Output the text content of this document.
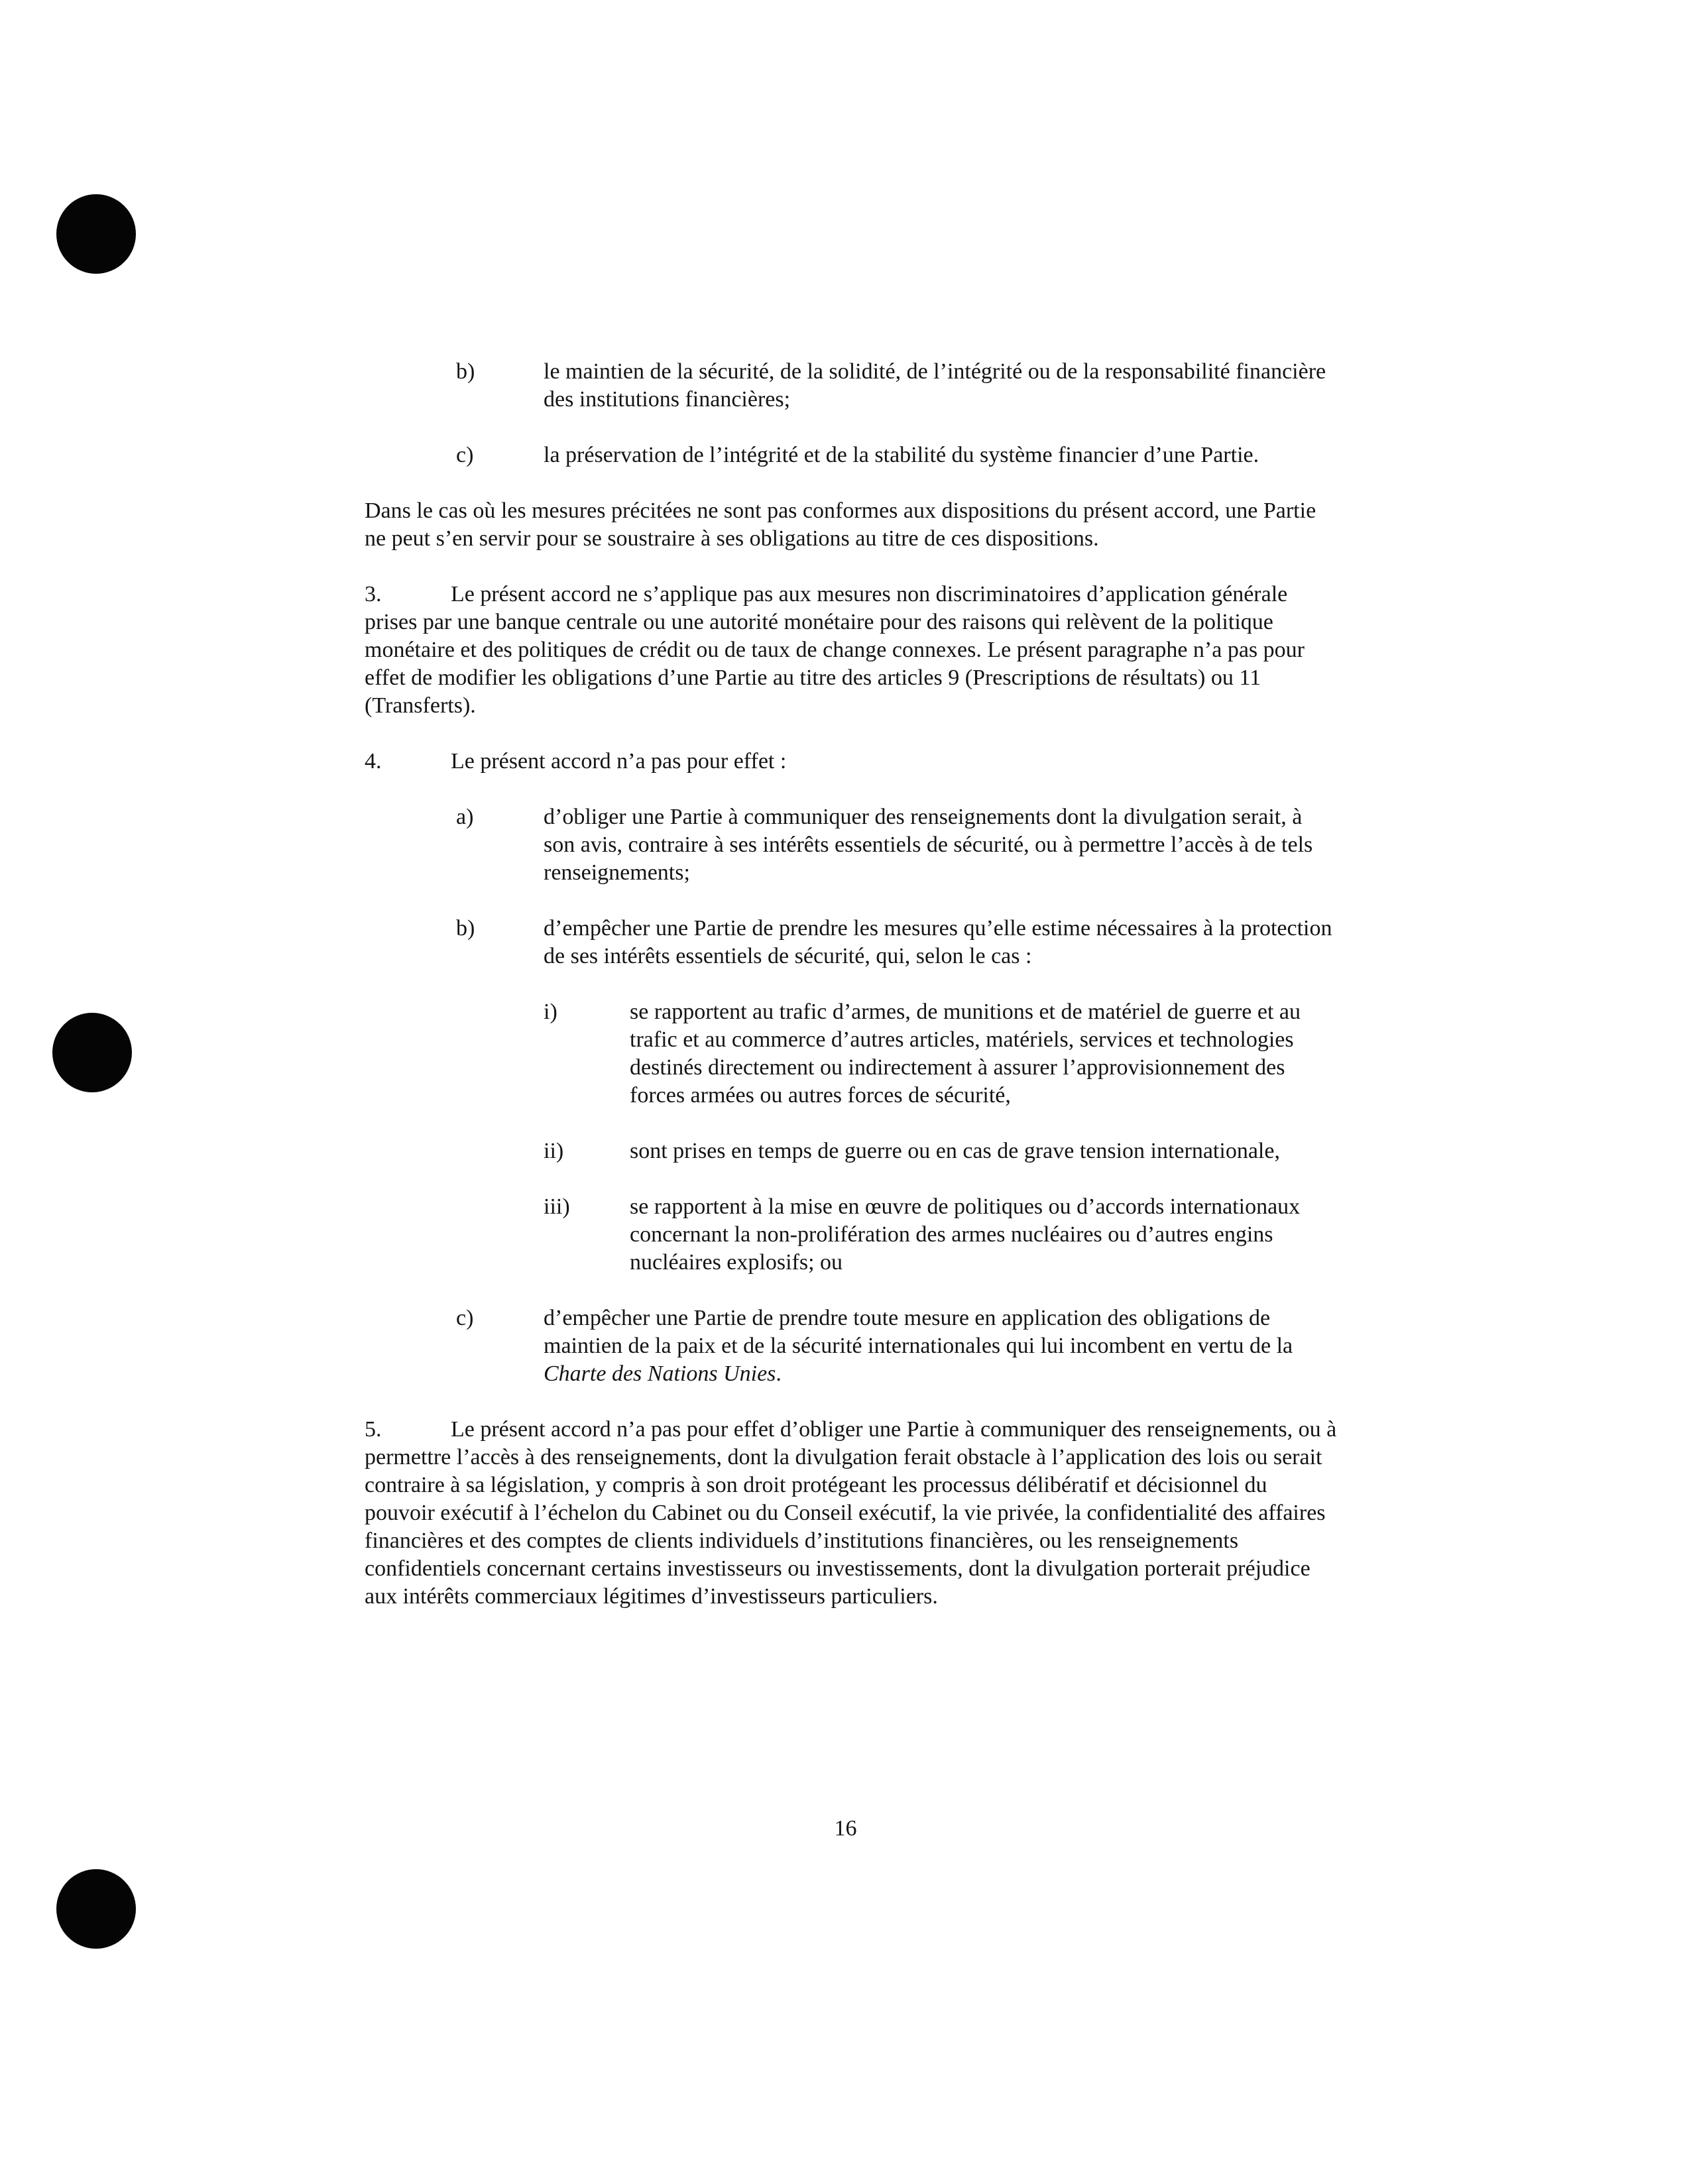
b)	le maintien de la sécurité, de la solidité, de l’intégrité ou de la responsabilité financière des institutions financières;
c)	la préservation de l’intégrité et de la stabilité du système financier d’une Partie.

Dans le cas où les mesures précitées ne sont pas conformes aux dispositions du présent accord, une Partie ne peut s’en servir pour se soustraire à ses obligations au titre de ces dispositions.

3.	Le présent accord ne s’applique pas aux mesures non discriminatoires d’application générale prises par une banque centrale ou une autorité monétaire pour des raisons qui relèvent de la politique monétaire et des politiques de crédit ou de taux de change connexes. Le présent paragraphe n’a pas pour effet de modifier les obligations d’une Partie au titre des articles 9 (Prescriptions de résultats) ou 11 (Transferts).

4.	Le présent accord n’a pas pour effet :

a)	d’obliger une Partie à communiquer des renseignements dont la divulgation serait, à son avis, contraire à ses intérêts essentiels de sécurité, ou à permettre l’accès à de tels renseignements;
b)	d’empêcher une Partie de prendre les mesures qu’elle estime nécessaires à la protection de ses intérêts essentiels de sécurité, qui, selon le cas :
i)	se rapportent au trafic d’armes, de munitions et de matériel de guerre et au trafic et au commerce d’autres articles, matériels, services et technologies destinés directement ou indirectement à assurer l’approvisionnement des forces armées ou autres forces de sécurité,
ii)	sont prises en temps de guerre ou en cas de grave tension internationale,
iii)	se rapportent à la mise en œuvre de politiques ou d’accords internationaux concernant la non-prolifération des armes nucléaires ou d’autres engins nucléaires explosifs; ou
c)	d’empêcher une Partie de prendre toute mesure en application des obligations de maintien de la paix et de la sécurité internationales qui lui incombent en vertu de la Charte des Nations Unies.

5.	Le présent accord n’a pas pour effet d’obliger une Partie à communiquer des renseignements, ou à permettre l’accès à des renseignements, dont la divulgation ferait obstacle à l’application des lois ou serait contraire à sa législation, y compris à son droit protégeant les processus délibératif et décisionnel du pouvoir exécutif à l’échelon du Cabinet ou du Conseil exécutif, la vie privée, la confidentialité des affaires financières et des comptes de clients individuels d’institutions financières, ou les renseignements confidentiels concernant certains investisseurs ou investissements, dont la divulgation porterait préjudice aux intérêts commerciaux légitimes d’investisseurs particuliers.

16
